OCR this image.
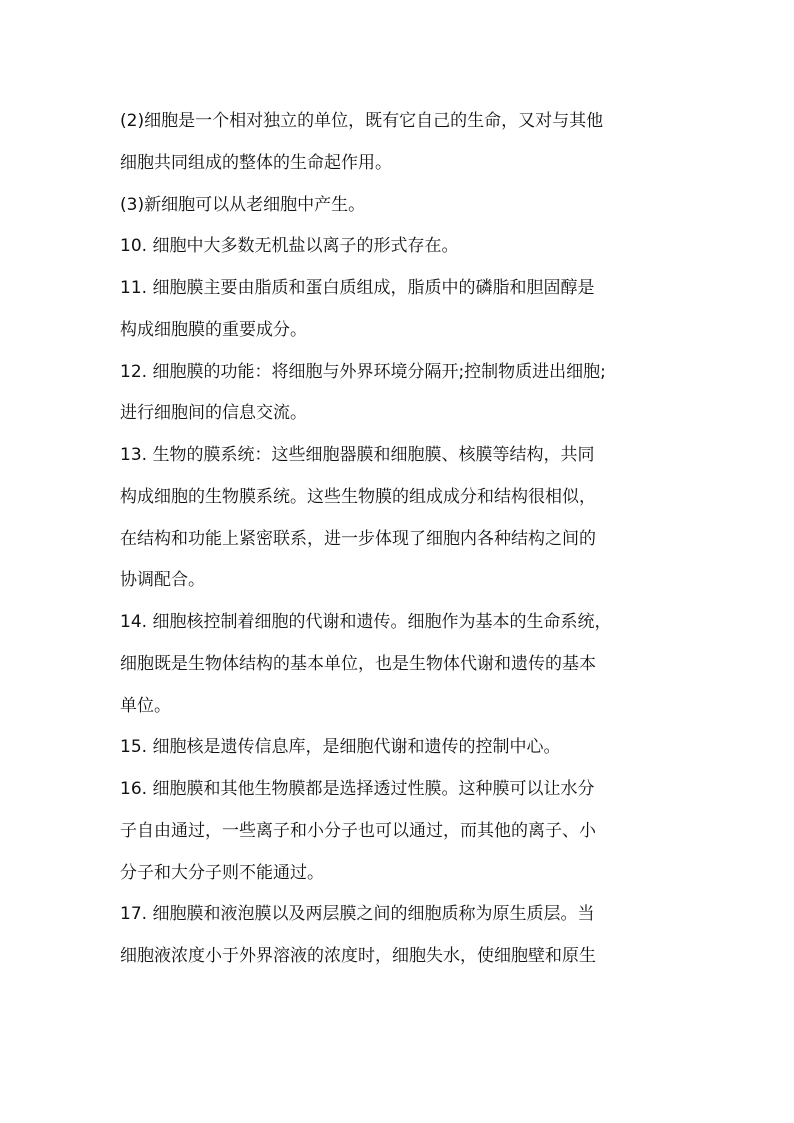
(2)细胞是一个相对独立的单位，既有它自己的生命，又对与其他
细胞共同组成的整体的生命起作用。
(3)新细胞可以从老细胞中产生。
10. 细胞中大多数无机盐以离子的形式存在。
11. 细胞膜主要由脂质和蛋白质组成，脂质中的磷脂和胆固醇是
构成细胞膜的重要成分。
12. 细胞膜的功能：将细胞与外界环境分隔开;控制物质进出细胞;
进行细胞间的信息交流。
13. 生物的膜系统：这些细胞器膜和细胞膜、核膜等结构，共同
构成细胞的生物膜系统。这些生物膜的组成成分和结构很相似，
在结构和功能上紧密联系，进一步体现了细胞内各种结构之间的
协调配合。
14. 细胞核控制着细胞的代谢和遗传。细胞作为基本的生命系统，
细胞既是生物体结构的基本单位，也是生物体代谢和遗传的基本
单位。
15. 细胞核是遗传信息库，是细胞代谢和遗传的控制中心。
16. 细胞膜和其他生物膜都是选择透过性膜。这种膜可以让水分
子自由通过，一些离子和小分子也可以通过，而其他的离子、小
分子和大分子则不能通过。
17. 细胞膜和液泡膜以及两层膜之间的细胞质称为原生质层。当
细胞液浓度小于外界溶液的浓度时，细胞失水，使细胞壁和原生
